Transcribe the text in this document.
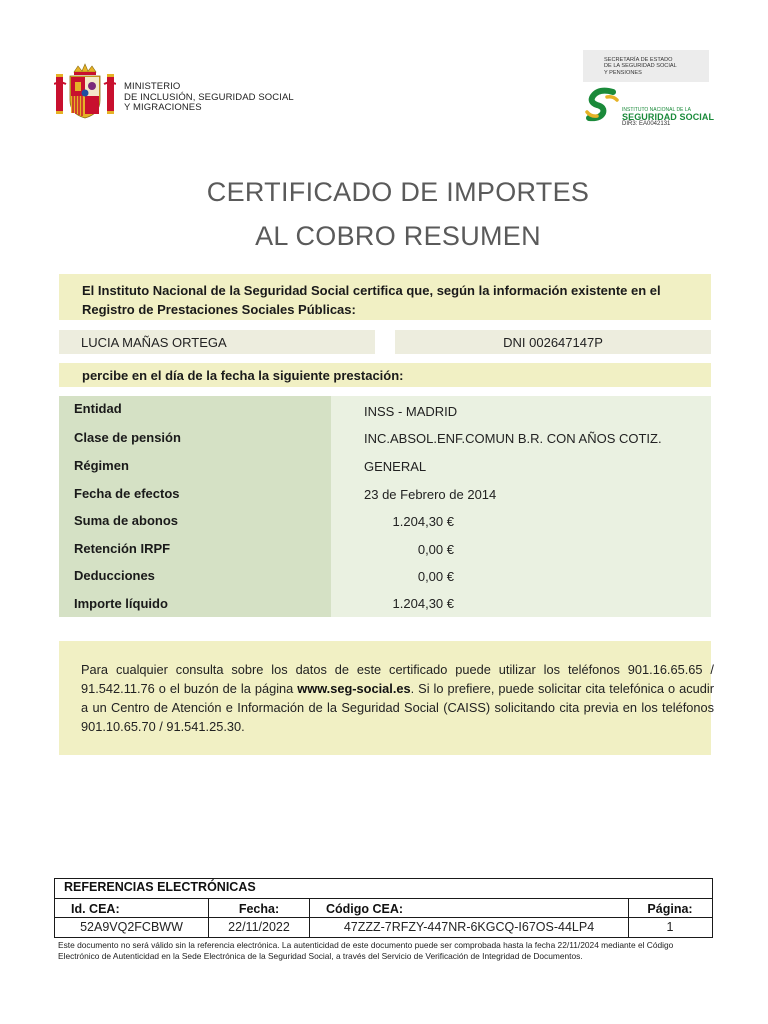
MINISTERIO
DE INCLUSIÓN, SEGURIDAD SOCIAL
Y MIGRACIONES
SECRETARÍA DE ESTADO
DE LA SEGURIDAD SOCIAL
Y PENSIONES
INSTITUTO NACIONAL DE LA
SEGURIDAD SOCIAL
DIR3: EA0042131
CERTIFICADO DE IMPORTES
AL COBRO RESUMEN
El Instituto Nacional de la Seguridad Social certifica que, según la información existente en el Registro de Prestaciones Sociales Públicas:
LUCIA MAÑAS ORTEGA	DNI 002647147P
percibe en el día de la fecha la siguiente prestación:
Entidad	INSS - MADRID
Clase de pensión	INC.ABSOL.ENF.COMUN B.R. CON AÑOS COTIZ.
Régimen	GENERAL
Fecha de efectos	23 de Febrero de 2014
Suma de abonos	1.204,30 €
Retención IRPF	0,00 €
Deducciones	0,00 €
Importe líquido	1.204,30 €
Para cualquier consulta sobre los datos de este certificado puede utilizar los teléfonos 901.16.65.65 / 91.542.11.76 o el buzón de la página www.seg-social.es. Si lo prefiere, puede solicitar cita telefónica o acudir a un Centro de Atención e Información de la Seguridad Social (CAISS) solicitando cita previa en los teléfonos 901.10.65.70 / 91.541.25.30.
REFERENCIAS ELECTRÓNICAS
Id. CEA:	Fecha:	Código CEA:	Página:
52A9VQ2FCBWW	22/11/2022	47ZZZ-7RFZY-447NR-6KGCQ-I67OS-44LP4	1
Este documento no será válido sin la referencia electrónica. La autenticidad de este documento puede ser comprobada hasta la fecha 22/11/2024 mediante el Código Electrónico de Autenticidad en la Sede Electrónica de la Seguridad Social, a través del Servicio de Verificación de Integridad de Documentos.
